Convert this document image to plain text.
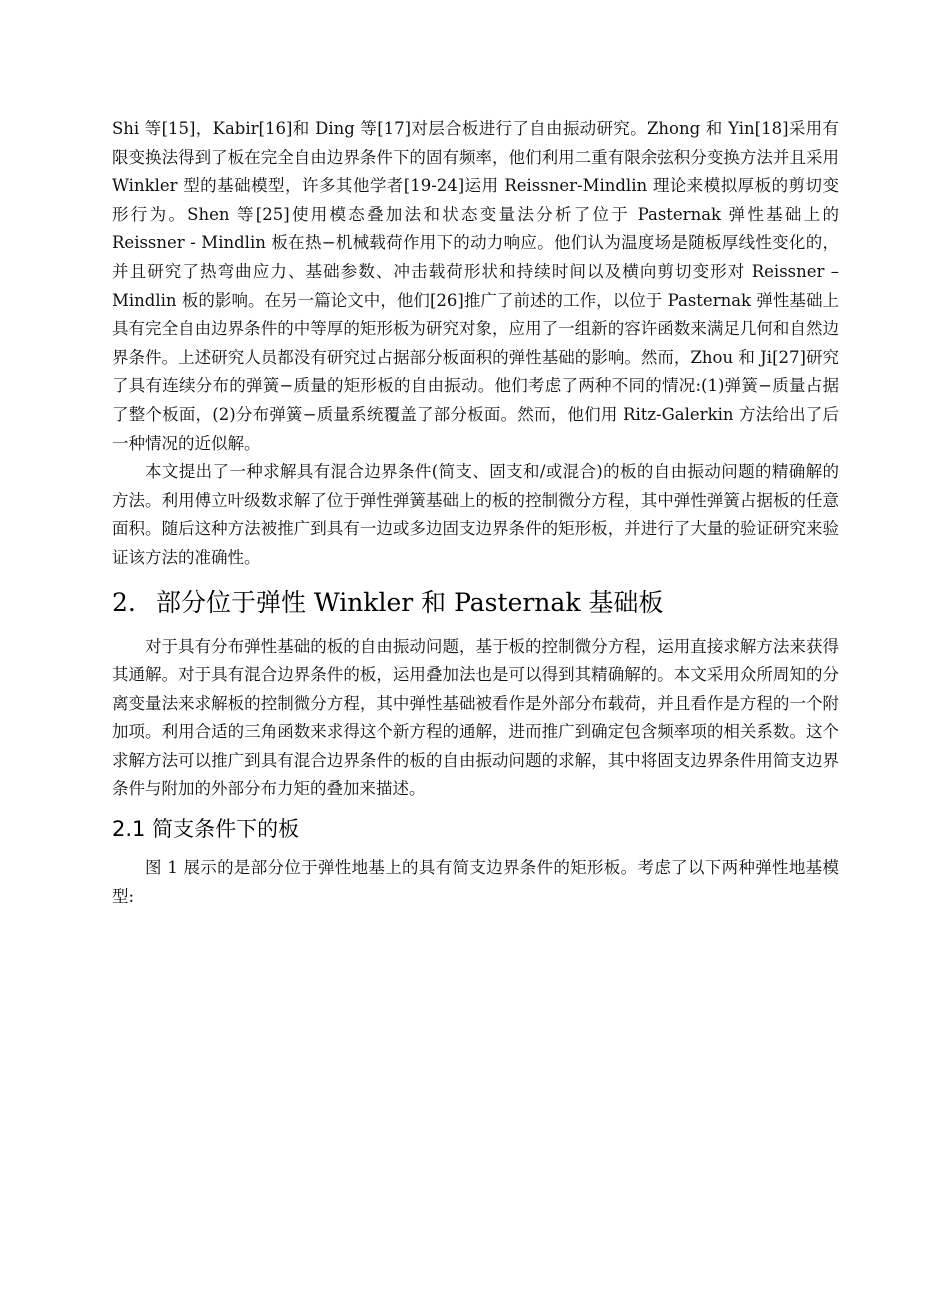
Shi 等[15]，Kabir[16]和 Ding 等[17]对层合板进行了自由振动研究。Zhong 和 Yin[18]采用有限变换法得到了板在完全自由边界条件下的固有频率，他们利用二重有限余弦积分变换方法并且采用 Winkler 型的基础模型，许多其他学者[19-24]运用 Reissner-Mindlin 理论来模拟厚板的剪切变形行为。Shen 等[25]使用模态叠加法和状态变量法分析了位于 Pasternak 弹性基础上的 Reissner - Mindlin 板在热−机械载荷作用下的动力响应。他们认为温度场是随板厚线性变化的，并且研究了热弯曲应力、基础参数、冲击载荷形状和持续时间以及横向剪切变形对 Reissner – Mindlin 板的影响。在另一篇论文中，他们[26]推广了前述的工作，以位于 Pasternak 弹性基础上具有完全自由边界条件的中等厚的矩形板为研究对象，应用了一组新的容许函数来满足几何和自然边界条件。上述研究人员都没有研究过占据部分板面积的弹性基础的影响。然而，Zhou 和 Ji[27]研究了具有连续分布的弹簧−质量的矩形板的自由振动。他们考虑了两种不同的情况:(1)弹簧−质量占据了整个板面，(2)分布弹簧−质量系统覆盖了部分板面。然而，他们用 Ritz-Galerkin 方法给出了后一种情况的近似解。

本文提出了一种求解具有混合边界条件(简支、固支和/或混合)的板的自由振动问题的精确解的方法。利用傅立叶级数求解了位于弹性弹簧基础上的板的控制微分方程，其中弹性弹簧占据板的任意面积。随后这种方法被推广到具有一边或多边固支边界条件的矩形板，并进行了大量的验证研究来验证该方法的准确性。

2. 部分位于弹性 Winkler 和 Pasternak 基础板

对于具有分布弹性基础的板的自由振动问题，基于板的控制微分方程，运用直接求解方法来获得其通解。对于具有混合边界条件的板，运用叠加法也是可以得到其精确解的。本文采用众所周知的分离变量法来求解板的控制微分方程，其中弹性基础被看作是外部分布载荷，并且看作是方程的一个附加项。利用合适的三角函数来求得这个新方程的通解，进而推广到确定包含频率项的相关系数。这个求解方法可以推广到具有混合边界条件的板的自由振动问题的求解，其中将固支边界条件用简支边界条件与附加的外部分布力矩的叠加来描述。

2.1 简支条件下的板

图 1 展示的是部分位于弹性地基上的具有简支边界条件的矩形板。考虑了以下两种弹性地基模型:
